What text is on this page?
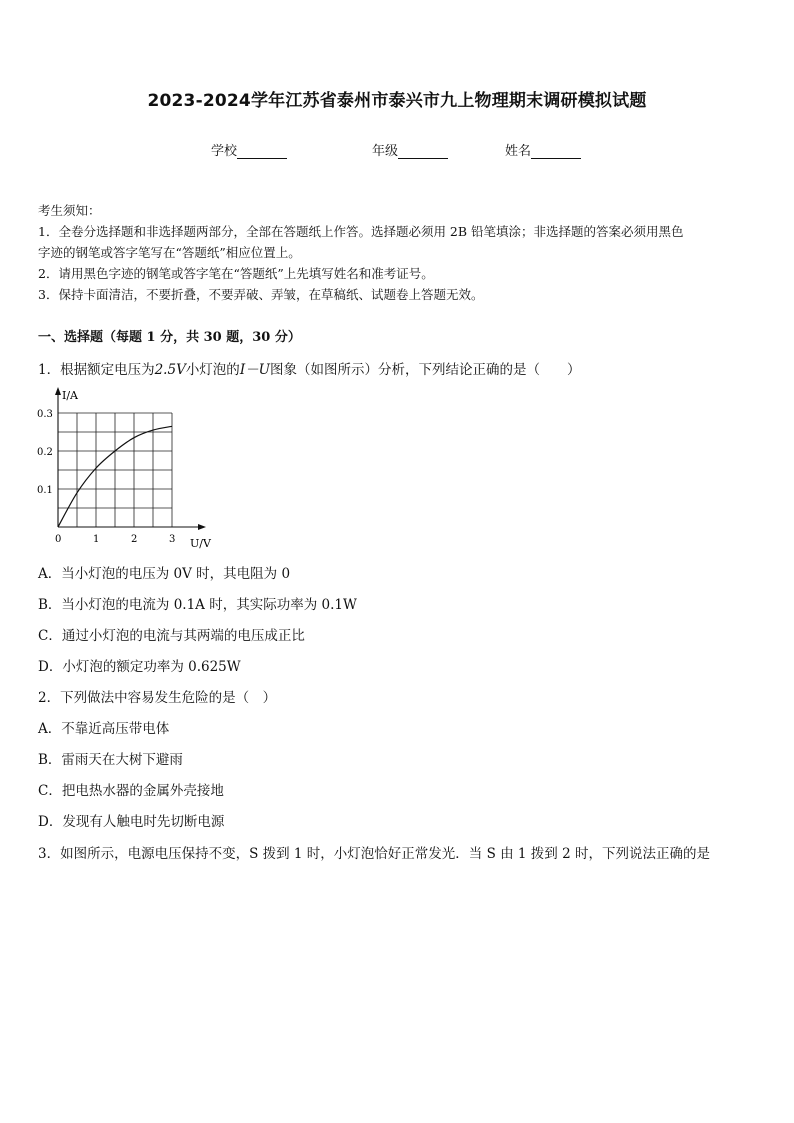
2023-2024学年江苏省泰州市泰兴市九上物理期末调研模拟试题
学校	年级	姓名
考生须知：
1．全卷分选择题和非选择题两部分，全部在答题纸上作答。选择题必须用 2B 铅笔填涂；非选择题的答案必须用黑色
字迹的钢笔或答字笔写在“答题纸”相应位置上。
2．请用黑色字迹的钢笔或答字笔在“答题纸”上先填写姓名和准考证号。
3．保持卡面清洁，不要折叠，不要弄破、弄皱，在草稿纸、试题卷上答题无效。
一、选择题（每题 1 分，共 30 题，30 分）
1．根据额定电压为2.5V小灯泡的I－U图象（如图所示）分析，下列结论正确的是（　　）
0	1	2	3
0.1
0.2
0.3
I/A
U/V
A．当小灯泡的电压为 0V 时，其电阻为 0
B．当小灯泡的电流为 0.1A 时，其实际功率为 0.1W
C．通过小灯泡的电流与其两端的电压成正比
D．小灯泡的额定功率为 0.625W
2．下列做法中容易发生危险的是（　）
A．不靠近高压带电体
B．雷雨天在大树下避雨
C．把电热水器的金属外壳接地
D．发现有人触电时先切断电源
3．如图所示，电源电压保持不变，S 拨到 1 时，小灯泡恰好正常发光．当 S 由 1 拨到 2 时，下列说法正确的是
